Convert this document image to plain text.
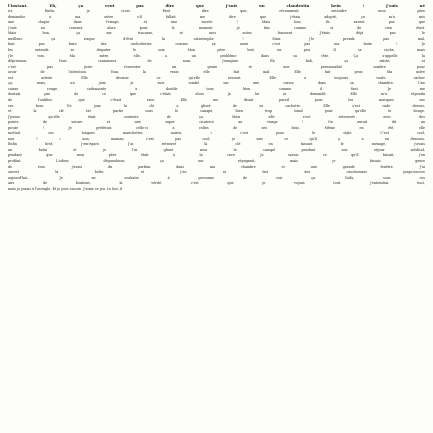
l'instant. Eh, ça veut pas dire que j'suis un clandestin hein ! J'suis né
ici. Enfin, je crois. Faut dire que, récemment, entendre mon père
demander à ma mère s'il fallait me dire que j'étais adopté, ça m'a mis
une claque dans l'visage, et une sacrée ! Mais bon, ils savent pas que
j'suis au courant, alors pour le moment je fais comme si de rien était.
Mais bon, ça me tracasse, et mes notes baissent. J'étais déjà pas le
meilleur, ça risque d'être la catastrophe ! Mais j'le prends pas mal,
faut pas faire des cachotteries comme ça aussi c'est pas ma faute ! Je
les entends se disputer le soir. Mon père boit, un peu. Il se cache, mais
j'le vois. Ma mère, elle, a un problème dans sa tête. Ça s'appelle la
dépression. Vous connaissez de nom, j'imagine. Eh bah, ça existe, et
c'est pas juste s'inventer un genre et une personnalité sombre pour
avoir de l'attention. Nan, la vraie, elle fait mal. Elle fait peur. Ma mère
est artiste. Elle dessine ce qu'elle ressent. Elle a toujours voulu cacher
ça, mais, un jour, je suis tombé sur une caisse dans sa chambre. Une
caisse rouge, cadenassée à double tour, bien comme il faut. Je me
doutais pas de ce que c'était, alors je lui ai demandé. Elle m'a répondu
de l'oublier, que c'était rien. Elle me disait pareil pour les marques sur
ses bras. Un jour, la clé a glissé de sa cachette. Elle s'est rude dessus,
et la clé est partie sous le canapé, bien trop loind pour qu'elle le bouge.
J'pense qu'elle était contente de ça. Mais elle s'est retrouvée avec des
points de suture et une super cicatrice au visage ! On aurait dit un
pirate ! Je préférais celle-ci à celles de ses bras. Même en été, elle
mettait ses longues manchettes noires, « c'est pour le style. C'est cool,
non ? » non, maman, c'est pas cool, je sais ce qu'il y a en dessous.
Enfin bref, j'em'égare. J'ai retrouvé la clé en faisant le ménage, j'avais
un balai et je l'ai glissé sous le canapé pendant son séjour médical,
pendant que mon père était à la cave. Je savais ce qu'il faisait, j'en
profitai. L'odeur dégueulasse, ça me répugnait, mais je faisais genre
de rien, j'avais du parfum dans ma chambre et une grande fenêtre. J'ai
ouvert la boîte, et j'en ai fait des cauchemars jusqu'encore
aujourd'hui... Je ne souhaite à personne de voir ça. Voilà, sous ces
airs de bonheur, la vérité, c'est que je voyais tout, j'entendais tout,
mais je jouais à l'aveugle. Et je joue encore. J'aime ce jeu. Le but, il
